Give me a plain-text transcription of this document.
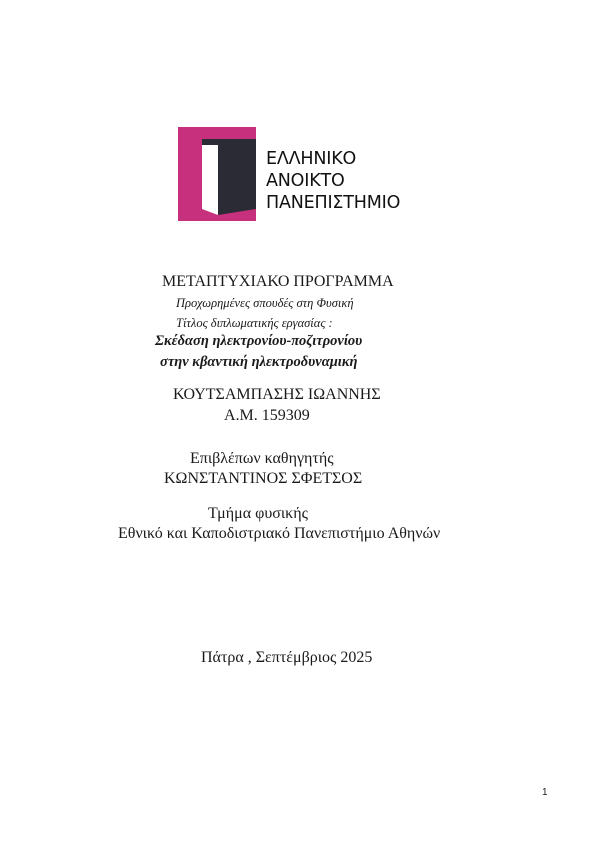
ΕΛΛΗΝΙΚΟ
ΑΝΟΙΚΤΟ
ΠΑΝΕΠΙΣΤΗΜΙΟ
ΜΕΤΑΠΤΥΧΙΑΚΟ ΠΡΟΓΡΑΜΜΑ
Προχωρημένες σπουδές στη Φυσική
Τίτλος διπλωματικής εργασίας :
Σκέδαση ηλεκτρονίου-ποζιτρονίου
στην κβαντική ηλεκτροδυναμική
ΚΟΥΤΣΑΜΠΑΣΗΣ ΙΩΑΝΝΗΣ
Α.Μ. 159309
Επιβλέπων καθηγητής
ΚΩΝΣΤΑΝΤΙΝΟΣ ΣΦΕΤΣΟΣ
Τμήμα φυσικής
Εθνικό και Καποδιστριακό Πανεπιστήμιο Αθηνών
Πάτρα , Σεπτέμβριος 2025
1
